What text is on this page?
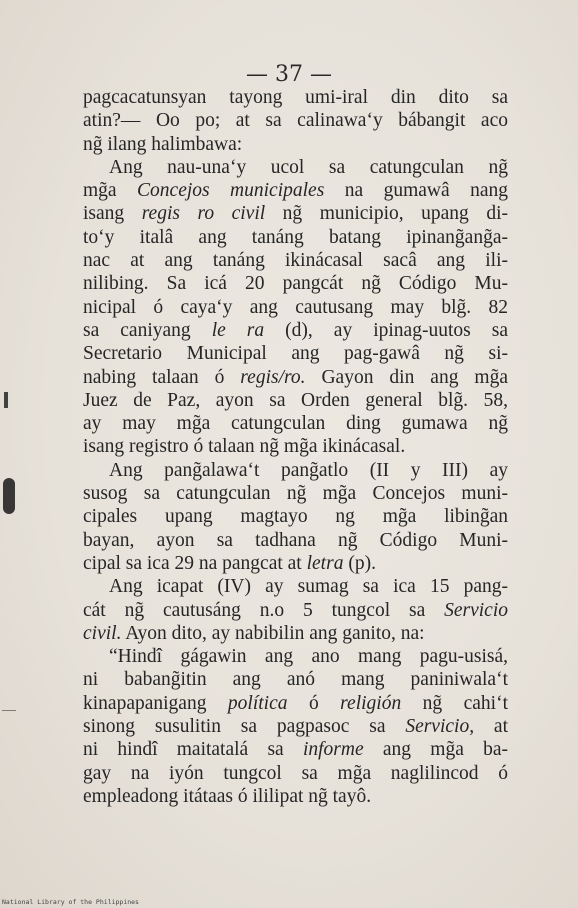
— 37 —
pagcacatunsyan tayong umi-iral din dito sa
atin?— Oo po; at sa calinawa‘y bábangit aco
ng̃ ilang halimbawa:
Ang nau-una‘y ucol sa catungculan ng̃
mg̃a Concejos municipales na gumawâ nang
isang regis ro civil ng̃ municipio, upang di-
to‘y italâ ang tanáng batang ipinang̃ang̃a-
nac at ang tanáng ikinácasal sacâ ang ili-
nilibing. Sa icá 20 pangcát ng̃ Código Mu-
nicipal ó caya‘y ang cautusang may blg̃. 82
sa caniyang le ra (d), ay ipinag-uutos sa
Secretario Municipal ang pag-gawâ ng̃ si-
nabing talaan ó regis/ro. Gayon din ang mg̃a
Juez de Paz, ayon sa Orden general blg̃. 58,
ay may mg̃a catungculan ding gumawa ng̃
isang registro ó talaan ng̃ mg̃a ikinácasal.
Ang pang̃alawa‘t pang̃atlo (II y III) ay
susog sa catungculan ng̃ mg̃a Concejos muni-
cipales upang magtayo ng mg̃a libing̃an
bayan, ayon sa tadhana ng̃ Código Muni-
cipal sa ica 29 na pangcat at letra (p).
Ang icapat (IV) ay sumag sa ica 15 pang-
cát ng̃ cautusáng n.o 5 tungcol sa Servicio
civil. Ayon dito, ay nabibilin ang ganito, na:
“Hindî gágawin ang ano mang pagu-usisá,
ni babang̃itin ang anó mang paniniwala‘t
kinapapanigang política ó religión ng̃ cahi‘t
sinong susulitin sa pagpasoc sa Servicio, at
ni hindî maitatalá sa informe ang mg̃a ba-
gay na iyón tungcol sa mg̃a naglilincod ó
empleadong itátaas ó ililipat ng̃ tayô.
National Library of the Philippines
